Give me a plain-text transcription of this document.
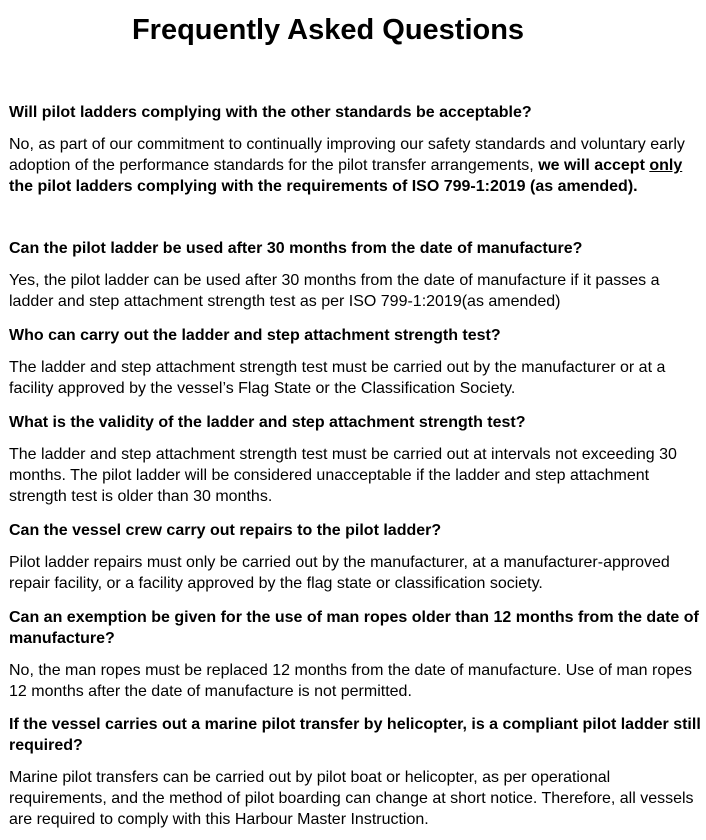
Frequently Asked Questions

Will pilot ladders complying with the other standards be acceptable?

No, as part of our commitment to continually improving our safety standards and voluntary early adoption of the performance standards for the pilot transfer arrangements, we will accept only the pilot ladders complying with the requirements of ISO 799-1:2019 (as amended).

Can the pilot ladder be used after 30 months from the date of manufacture?

Yes, the pilot ladder can be used after 30 months from the date of manufacture if it passes a ladder and step attachment strength test as per ISO 799-1:2019(as amended)

Who can carry out the ladder and step attachment strength test?

The ladder and step attachment strength test must be carried out by the manufacturer or at a facility approved by the vessel’s Flag State or the Classification Society.

What is the validity of the ladder and step attachment strength test?

The ladder and step attachment strength test must be carried out at intervals not exceeding 30 months. The pilot ladder will be considered unacceptable if the ladder and step attachment strength test is older than 30 months.

Can the vessel crew carry out repairs to the pilot ladder?

Pilot ladder repairs must only be carried out by the manufacturer, at a manufacturer-approved repair facility, or a facility approved by the flag state or classification society.

Can an exemption be given for the use of man ropes older than 12 months from the date of manufacture?

No, the man ropes must be replaced 12 months from the date of manufacture. Use of man ropes 12 months after the date of manufacture is not permitted.

If the vessel carries out a marine pilot transfer by helicopter, is a compliant pilot ladder still required?

Marine pilot transfers can be carried out by pilot boat or helicopter, as per operational requirements, and the method of pilot boarding can change at short notice. Therefore, all vessels are required to comply with this Harbour Master Instruction.
